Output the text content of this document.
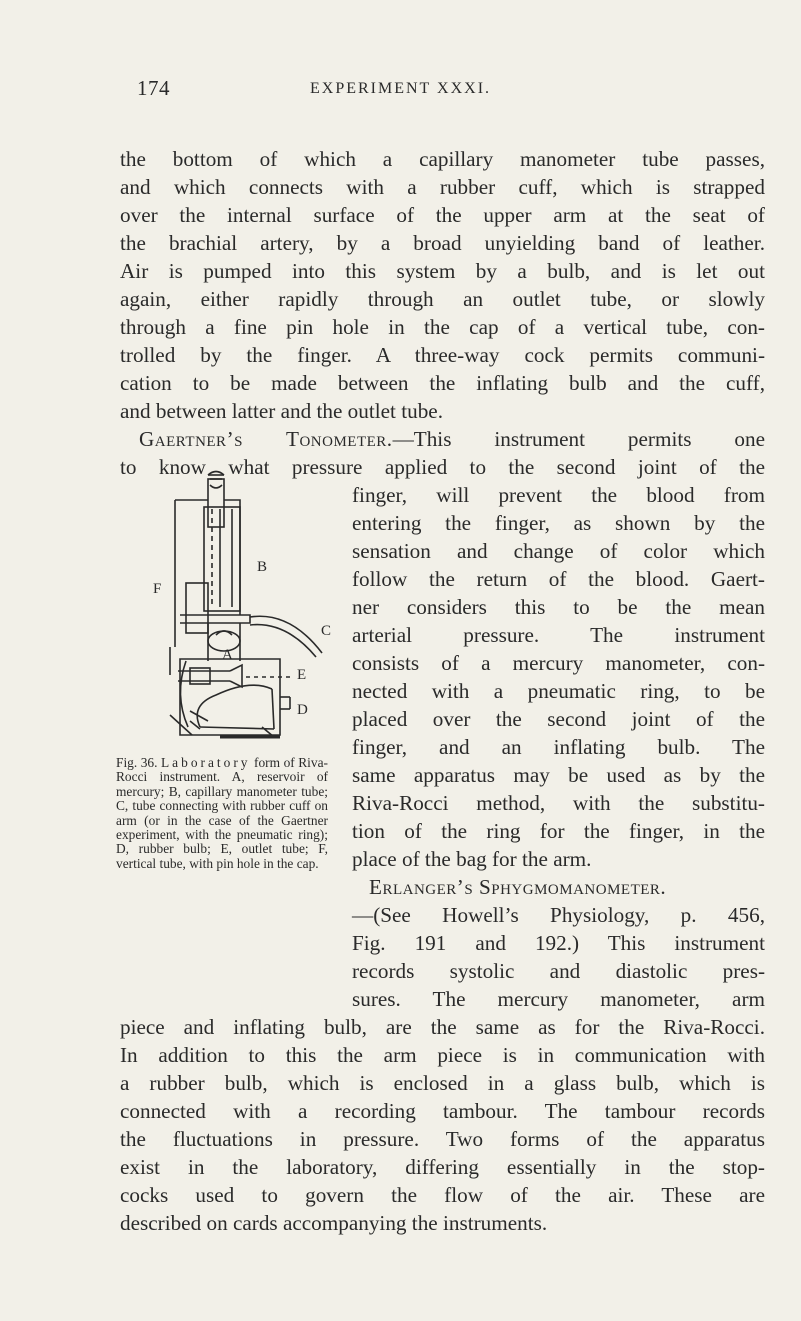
174	EXPERIMENT XXXI.
the bottom of which a capillary manometer tube passes,
and which connects with a rubber cuff, which is strapped
over the internal surface of the upper arm at the seat of
the brachial artery, by a broad unyielding band of leather.
Air is pumped into this system by a bulb, and is let out
again, either rapidly through an outlet tube, or slowly
through a fine pin hole in the cap of a vertical tube, con-
trolled by the finger. A three-way cock permits communi-
cation to be made between the inflating bulb and the cuff,
and between latter and the outlet tube.
Gaertner’s Tonometer.—This instrument permits one
to know what pressure applied to the second joint of the
finger, will prevent the blood from
entering the finger, as shown by the
sensation and change of color which
follow the return of the blood. Gaert-
ner considers this to be the mean
arterial pressure. The instrument
consists of a mercury manometer, con-
nected with a pneumatic ring, to be
placed over the second joint of the
finger, and an inflating bulb. The
same apparatus may be used as by the
Riva-Rocci method, with the substitu-
tion of the ring for the finger, in the
place of the bag for the arm.
Erlanger’s Sphygmomanometer.
—(See Howell’s Physiology, p. 456,
Fig. 191 and 192.) This instrument
records systolic and diastolic pres-
sures. The mercury manometer, arm
piece and inflating bulb, are the same as for the Riva-Rocci.
In addition to this the arm piece is in communication with
a rubber bulb, which is enclosed in a glass bulb, which is
connected with a recording tambour. The tambour records
the fluctuations in pressure. Two forms of the apparatus
exist in the laboratory, differing essentially in the stop-
cocks used to govern the flow of the air. These are
described on cards accompanying the instruments.
F
B
C
A
E
D
Fig. 36. Laboratory form of Riva-Rocci instrument. A, reservoir of mercury; B, capillary manometer tube; C, tube connecting with rubber cuff on arm (or in the case of the Gaertner experiment, with the pneumatic ring); D, rubber bulb; E, outlet tube; F, vertical tube, with pin hole in the cap.
